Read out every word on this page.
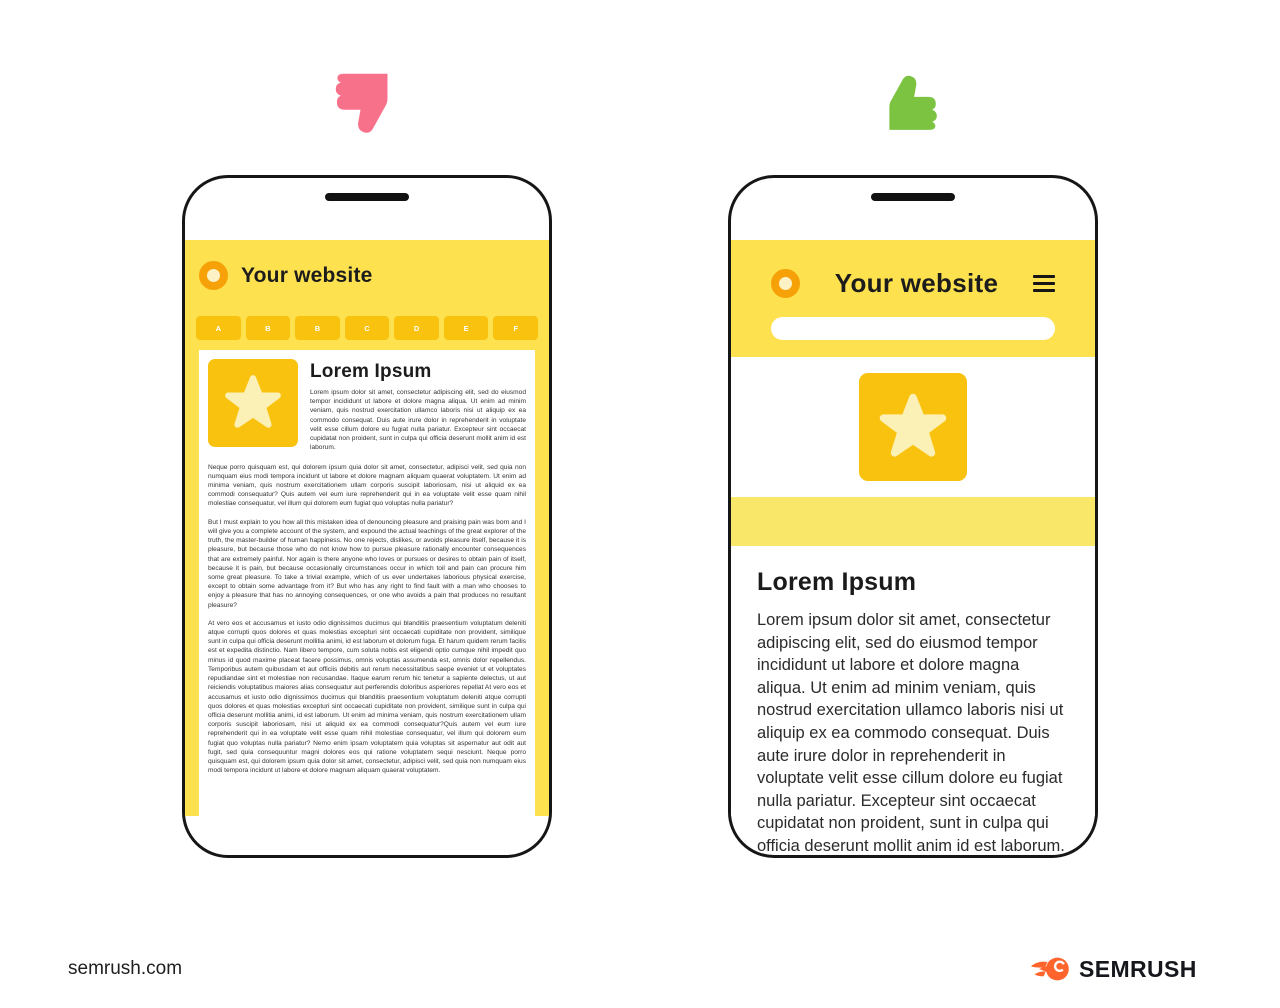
Your website
A	B	B	C	D	E	F
Lorem Ipsum

Lorem ipsum dolor sit amet, consectetur adipiscing elit, sed do eiusmod tempor incididunt ut labore et dolore magna aliqua. Ut enim ad minim veniam, quis nostrud exercitation ullamco laboris nisi ut aliquip ex ea commodo consequat. Duis aute irure dolor in reprehenderit in voluptate velit esse cillum dolore eu fugiat nulla pariatur. Excepteur sint occaecat cupidatat non proident, sunt in culpa qui officia deserunt mollit anim id est laborum.

Neque porro quisquam est, qui dolorem ipsum quia dolor sit amet, consectetur, adipisci velit, sed quia non numquam eius modi tempora incidunt ut labore et dolore magnam aliquam quaerat voluptatem. Ut enim ad minima veniam, quis nostrum exercitationem ullam corporis suscipit laboriosam, nisi ut aliquid ex ea commodi consequatur? Quis autem vel eum iure reprehenderit qui in ea voluptate velit esse quam nihil molestiae consequatur, vel illum qui dolorem eum fugiat quo voluptas nulla pariatur?

But I must explain to you how all this mistaken idea of denouncing pleasure and praising pain was born and I will give you a complete account of the system, and expound the actual teachings of the great explorer of the truth, the master-builder of human happiness. No one rejects, dislikes, or avoids pleasure itself, because it is pleasure, but because those who do not know how to pursue pleasure rationally encounter consequences that are extremely painful. Nor again is there anyone who loves or pursues or desires to obtain pain of itself, because it is pain, but because occasionally circumstances occur in which toil and pain can procure him some great pleasure. To take a trivial example, which of us ever undertakes laborious physical exercise, except to obtain some advantage from it? But who has any right to find fault with a man who chooses to enjoy a pleasure that has no annoying consequences, or one who avoids a pain that produces no resultant pleasure?

At vero eos et accusamus et iusto odio dignissimos ducimus qui blanditiis praesentium voluptatum deleniti atque corrupti quos dolores et quas molestias excepturi sint occaecati cupiditate non provident, similique sunt in culpa qui officia deserunt mollitia animi, id est laborum et dolorum fuga. Et harum quidem rerum facilis est et expedita distinctio. Nam libero tempore, cum soluta nobis est eligendi optio cumque nihil impedit quo minus id quod maxime placeat facere possimus, omnis voluptas assumenda est, omnis dolor repellendus. Temporibus autem quibusdam et aut officiis debitis aut rerum necessitatibus saepe eveniet ut et voluptates repudiandae sint et molestiae non recusandae. Itaque earum rerum hic tenetur a sapiente delectus, ut aut reiciendis voluptatibus maiores alias consequatur aut perferendis doloribus asperiores repellat At vero eos et accusamus et iusto odio dignissimos ducimus qui blanditiis praesentium voluptatum deleniti atque corrupti quos dolores et quas molestias excepturi sint occaecati cupiditate non provident, similique sunt in culpa qui officia deserunt mollitia animi, id est laborum. Ut enim ad minima veniam, quis nostrum exercitationem ullam corporis suscipit laboriosam, nisi ut aliquid ex ea commodi consequatur?Quis autem vel eum iure reprehenderit qui in ea voluptate velit esse quam nihil molestiae consequatur, vel illum qui dolorem eum fugiat quo voluptas nulla pariatur? Nemo enim ipsam voluptatem quia voluptas sit aspernatur aut odit aut fugit, sed quia consequuntur magni dolores eos qui ratione voluptatem sequi nesciunt. Neque porro quisquam est, qui dolorem ipsum quia dolor sit amet, consectetur, adipisci velit, sed quia non numquam eius modi tempora incidunt ut labore et dolore magnam aliquam quaerat voluptatem.

Your website
Lorem Ipsum

Lorem ipsum dolor sit amet, consectetur adipiscing elit, sed do eiusmod tempor incididunt ut labore et dolore magna aliqua. Ut enim ad minim veniam, quis nostrud exercitation ullamco laboris nisi ut aliquip ex ea commodo consequat. Duis aute irure dolor in reprehenderit in voluptate velit esse cillum dolore eu fugiat nulla pariatur. Excepteur sint occaecat cupidatat non proident, sunt in culpa qui officia deserunt mollit anim id est laborum.

semrush.com	SEMRUSH
